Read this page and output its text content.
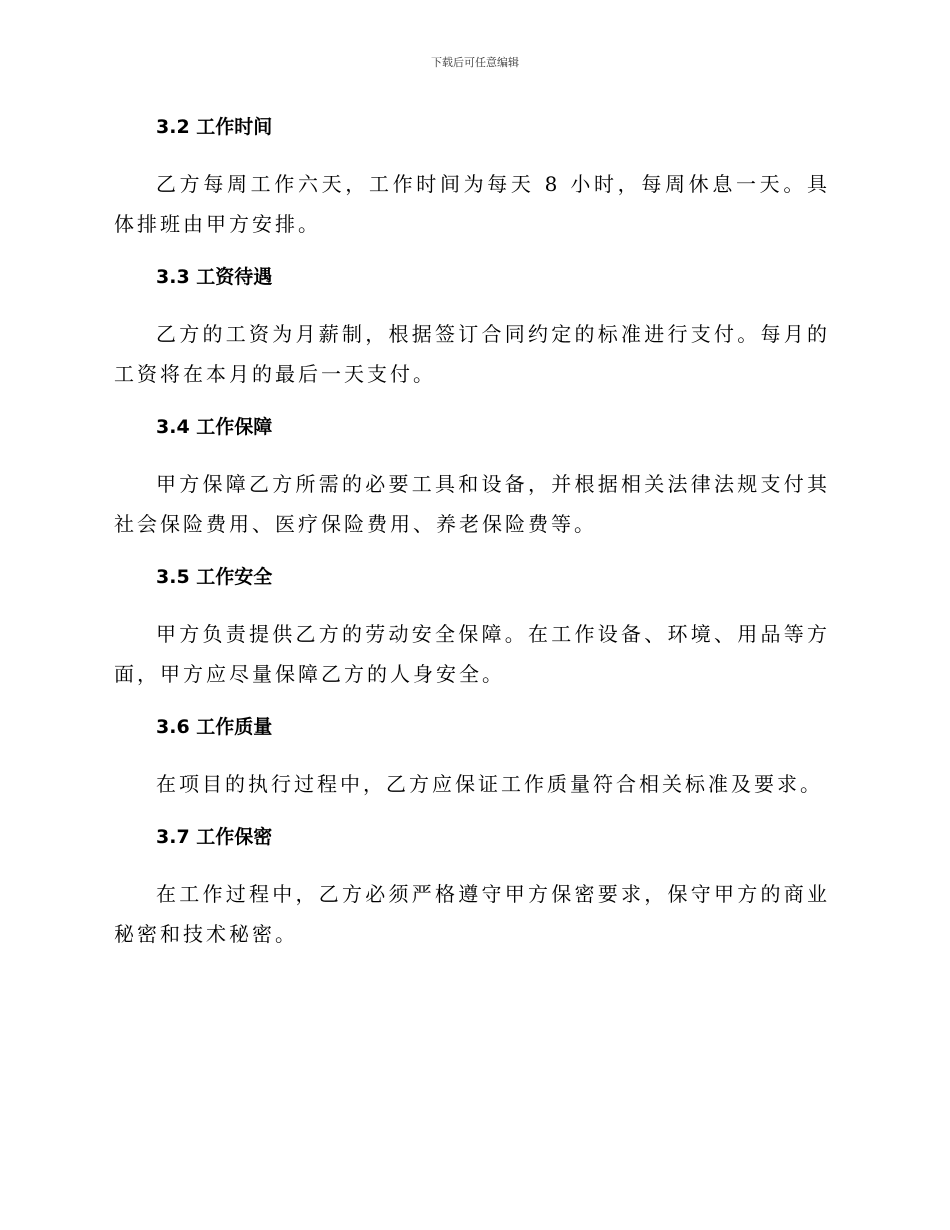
下载后可任意编辑
3.2 工作时间

乙方每周工作六天，工作时间为每天 8 小时，每周休息一天。具体排班由甲方安排。

3.3 工资待遇

乙方的工资为月薪制，根据签订合同约定的标准进行支付。每月的工资将在本月的最后一天支付。

3.4 工作保障

甲方保障乙方所需的必要工具和设备，并根据相关法律法规支付其社会保险费用、医疗保险费用、养老保险费等。

3.5 工作安全

甲方负责提供乙方的劳动安全保障。在工作设备、环境、用品等方面，甲方应尽量保障乙方的人身安全。

3.6 工作质量

在项目的执行过程中，乙方应保证工作质量符合相关标准及要求。

3.7 工作保密

在工作过程中，乙方必须严格遵守甲方保密要求，保守甲方的商业秘密和技术秘密。
